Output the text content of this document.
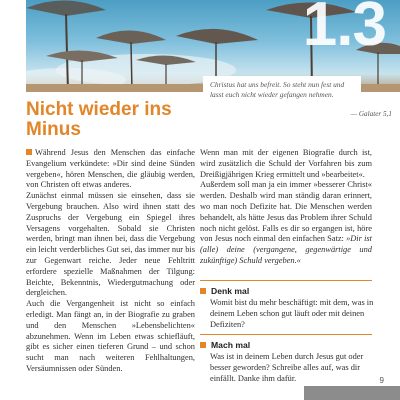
1.3
Christus hat uns befreit. So steht nun fest und lasst euch nicht wieder gefangen nehmen.
— Galater 5,1
Nicht wieder ins Minus

Während Jesus den Menschen das einfache Evangelium verkündete: »Dir sind deine Sünden vergeben«, hören Menschen, die gläubig werden, von Christen oft etwas anderes.

Zunächst einmal müssen sie einsehen, dass sie Vergebung brauchen. Also wird ihnen statt des Zuspruchs der Vergebung ein Spiegel ihres Versagens vorgehalten. Sobald sie Christen werden, bringt man ihnen bei, dass die Vergebung ein leicht verderbliches Gut sei, das immer nur bis zur Gegenwart reiche. Jeder neue Fehltritt erfordere spezielle Maßnahmen der Tilgung: Beichte, Bekenntnis, Wiedergutmachung oder dergleichen.

Auch die Vergangenheit ist nicht so einfach erledigt. Man fängt an, in der Biografie zu graben und den Menschen »Lebensbelichten« abzunehmen. Wenn im Leben etwas schiefläuft, gibt es sicher einen tieferen Grund – und schon sucht man nach weiteren Fehlhaltungen, Versäumnissen oder Sünden.

Wenn man mit der eigenen Biografie durch ist, wird zusätzlich die Schuld der Vorfahren bis zum Dreißigjährigen Krieg ermittelt und »bearbeitet«.

Außerdem soll man ja ein immer »besserer Christ« werden. Deshalb wird man ständig daran erinnert, wo man noch Defizite hat. Die Menschen werden behandelt, als hätte Jesus das Problem ihrer Schuld noch nicht gelöst. Falls es dir so ergangen ist, höre von Jesus noch einmal den einfachen Satz: »Dir ist (alle) deine (vergangene, gegenwärtige und zukünftige) Schuld vergeben.«

Denk mal
Womit bist du mehr beschäftigt: mit dem, was in deinem Leben schon gut läuft oder mit deinen Defiziten?
Mach mal
Was ist in deinem Leben durch Jesus gut oder besser geworden? Schreibe alles auf, was dir einfällt. Danke ihm dafür.	9
